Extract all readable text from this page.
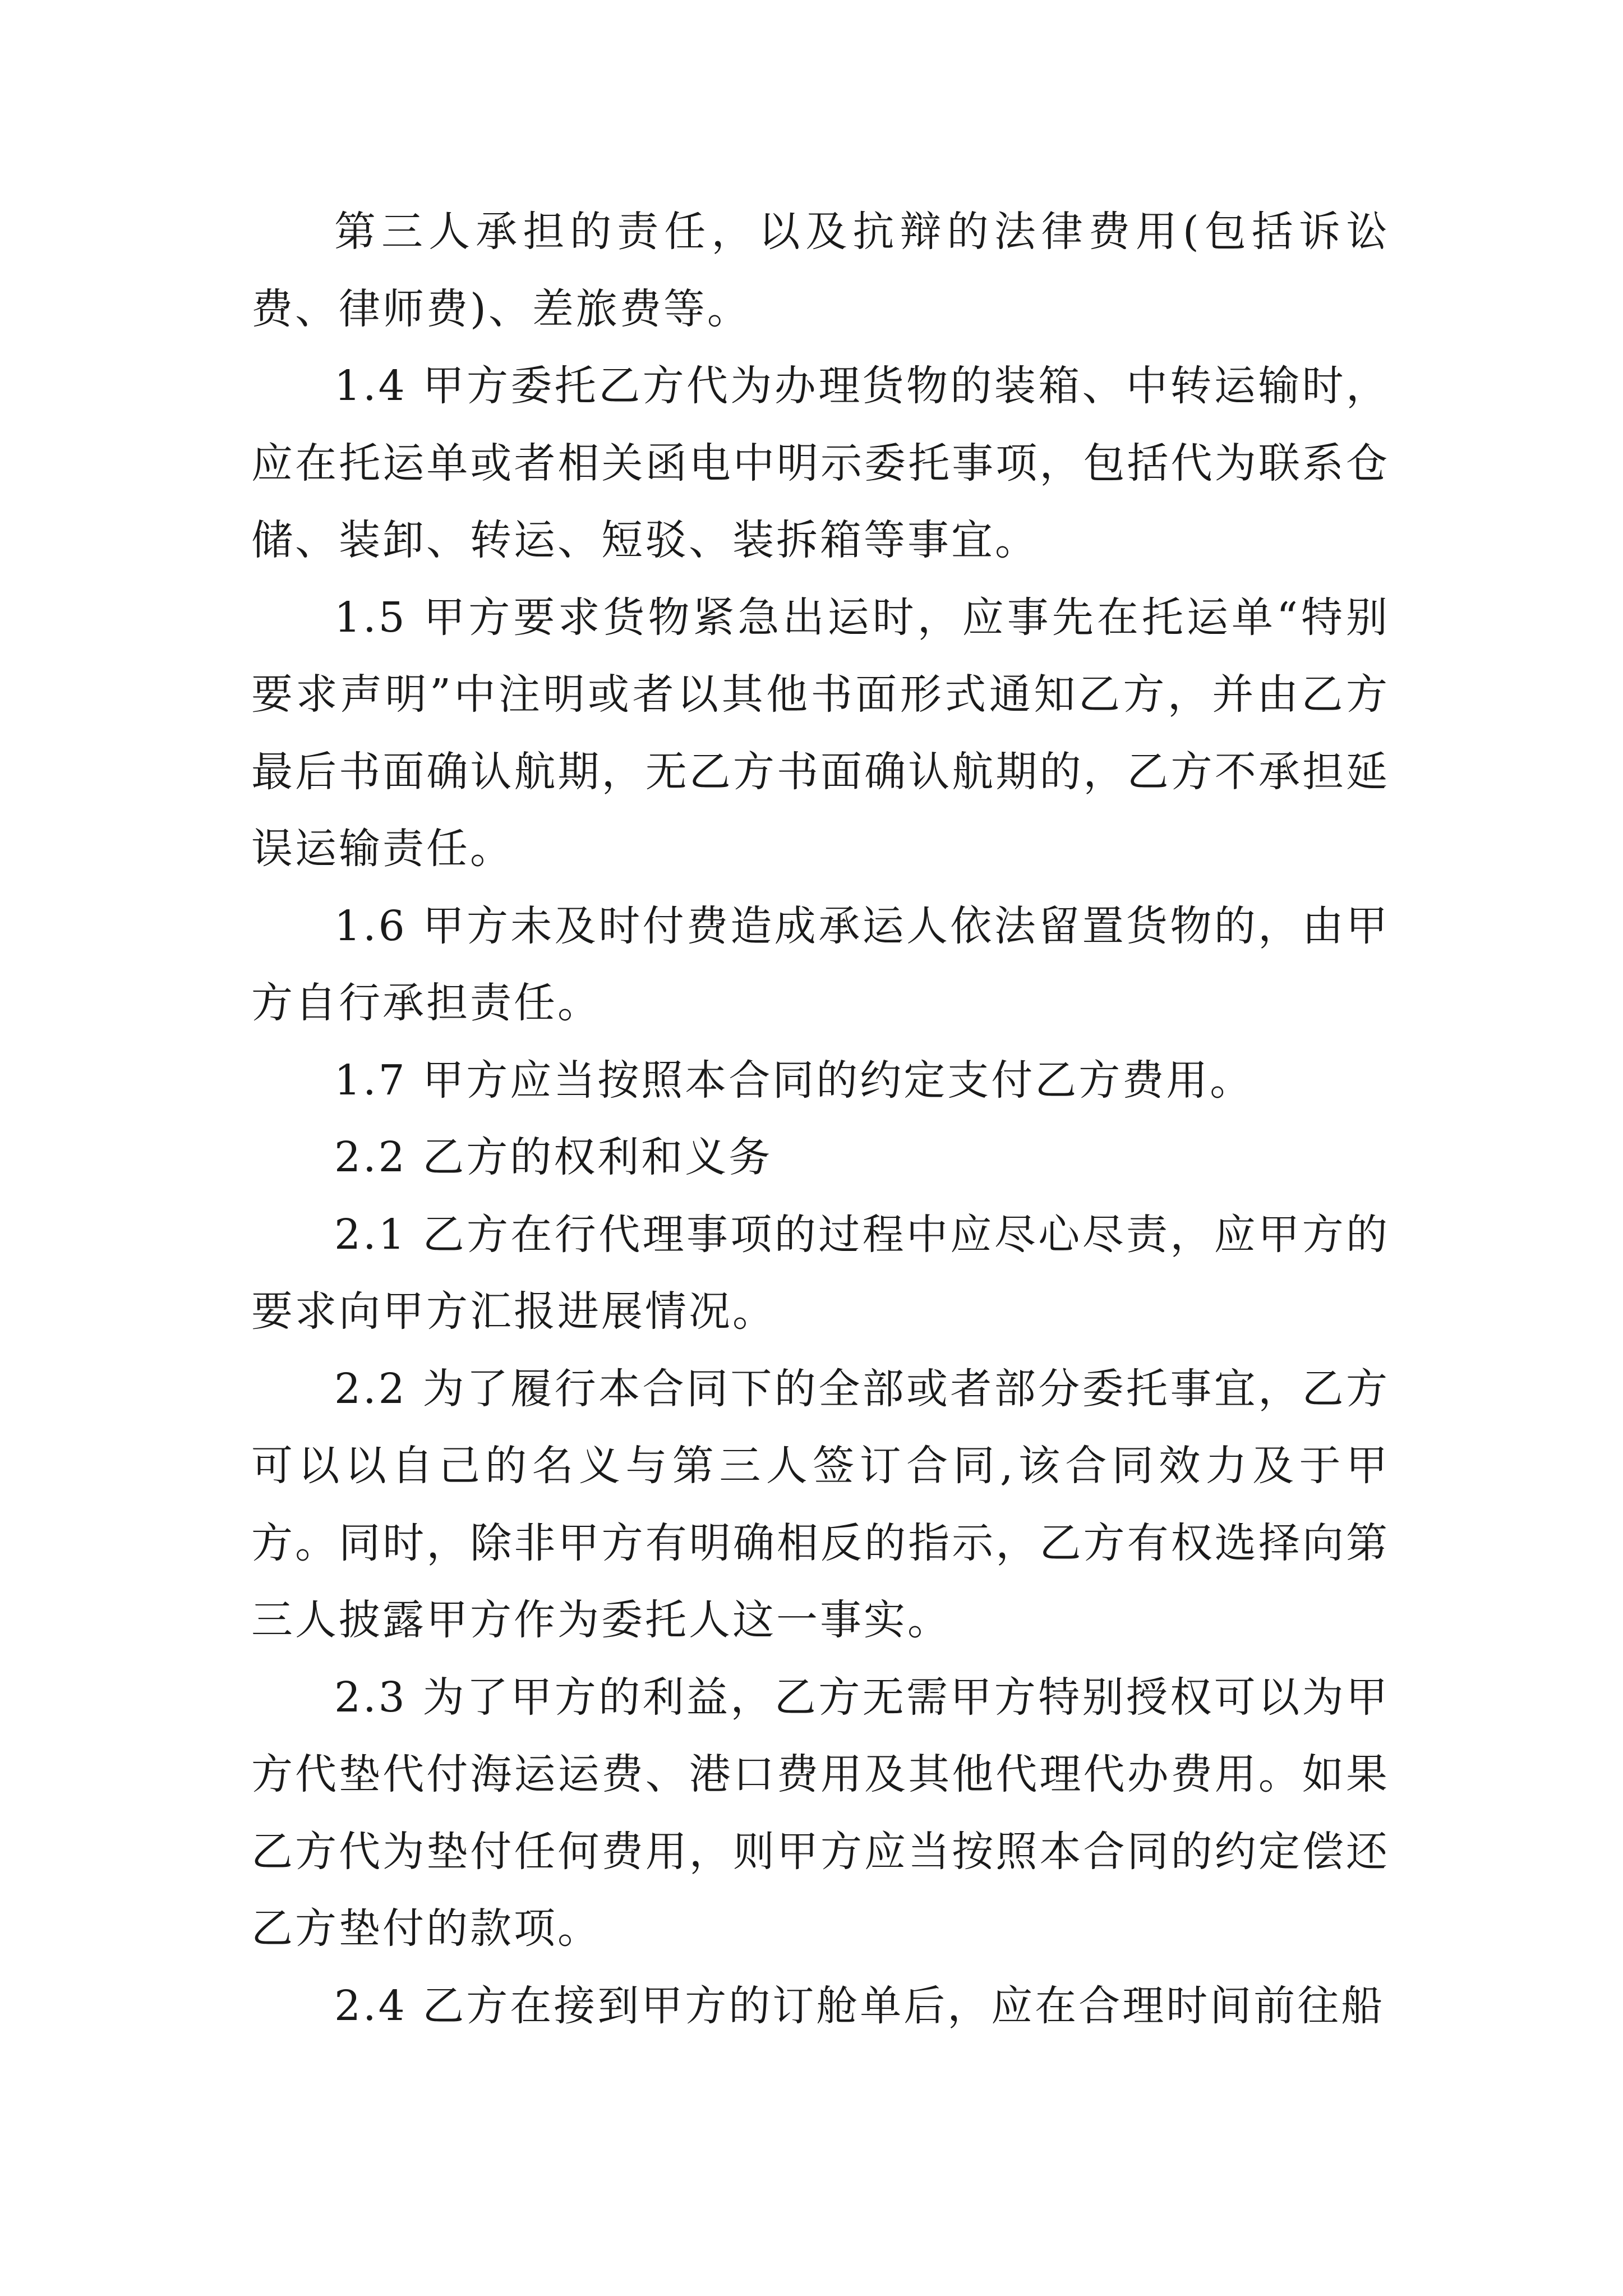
第三人承担的责任，以及抗辩的法律费用(包括诉讼费、律师费)、差旅费等。

1.4 甲方委托乙方代为办理货物的装箱、中转运输时，应在托运单或者相关函电中明示委托事项，包括代为联系仓储、装卸、转运、短驳、装拆箱等事宜。

1.5 甲方要求货物紧急出运时，应事先在托运单“特别要求声明”中注明或者以其他书面形式通知乙方，并由乙方最后书面确认航期，无乙方书面确认航期的，乙方不承担延误运输责任。

1.6 甲方未及时付费造成承运人依法留置货物的，由甲方自行承担责任。

1.7 甲方应当按照本合同的约定支付乙方费用。

2.2 乙方的权利和义务

2.1 乙方在行代理事项的过程中应尽心尽责，应甲方的要求向甲方汇报进展情况。

2.2 为了履行本合同下的全部或者部分委托事宜，乙方可以以自己的名义与第三人签订合同,该合同效力及于甲方。同时，除非甲方有明确相反的指示，乙方有权选择向第三人披露甲方作为委托人这一事实。

2.3 为了甲方的利益，乙方无需甲方特别授权可以为甲方代垫代付海运运费、港口费用及其他代理代办费用。如果乙方代为垫付任何费用，则甲方应当按照本合同的约定偿还乙方垫付的款项。

2.4 乙方在接到甲方的订舱单后，应在合理时间前往船
